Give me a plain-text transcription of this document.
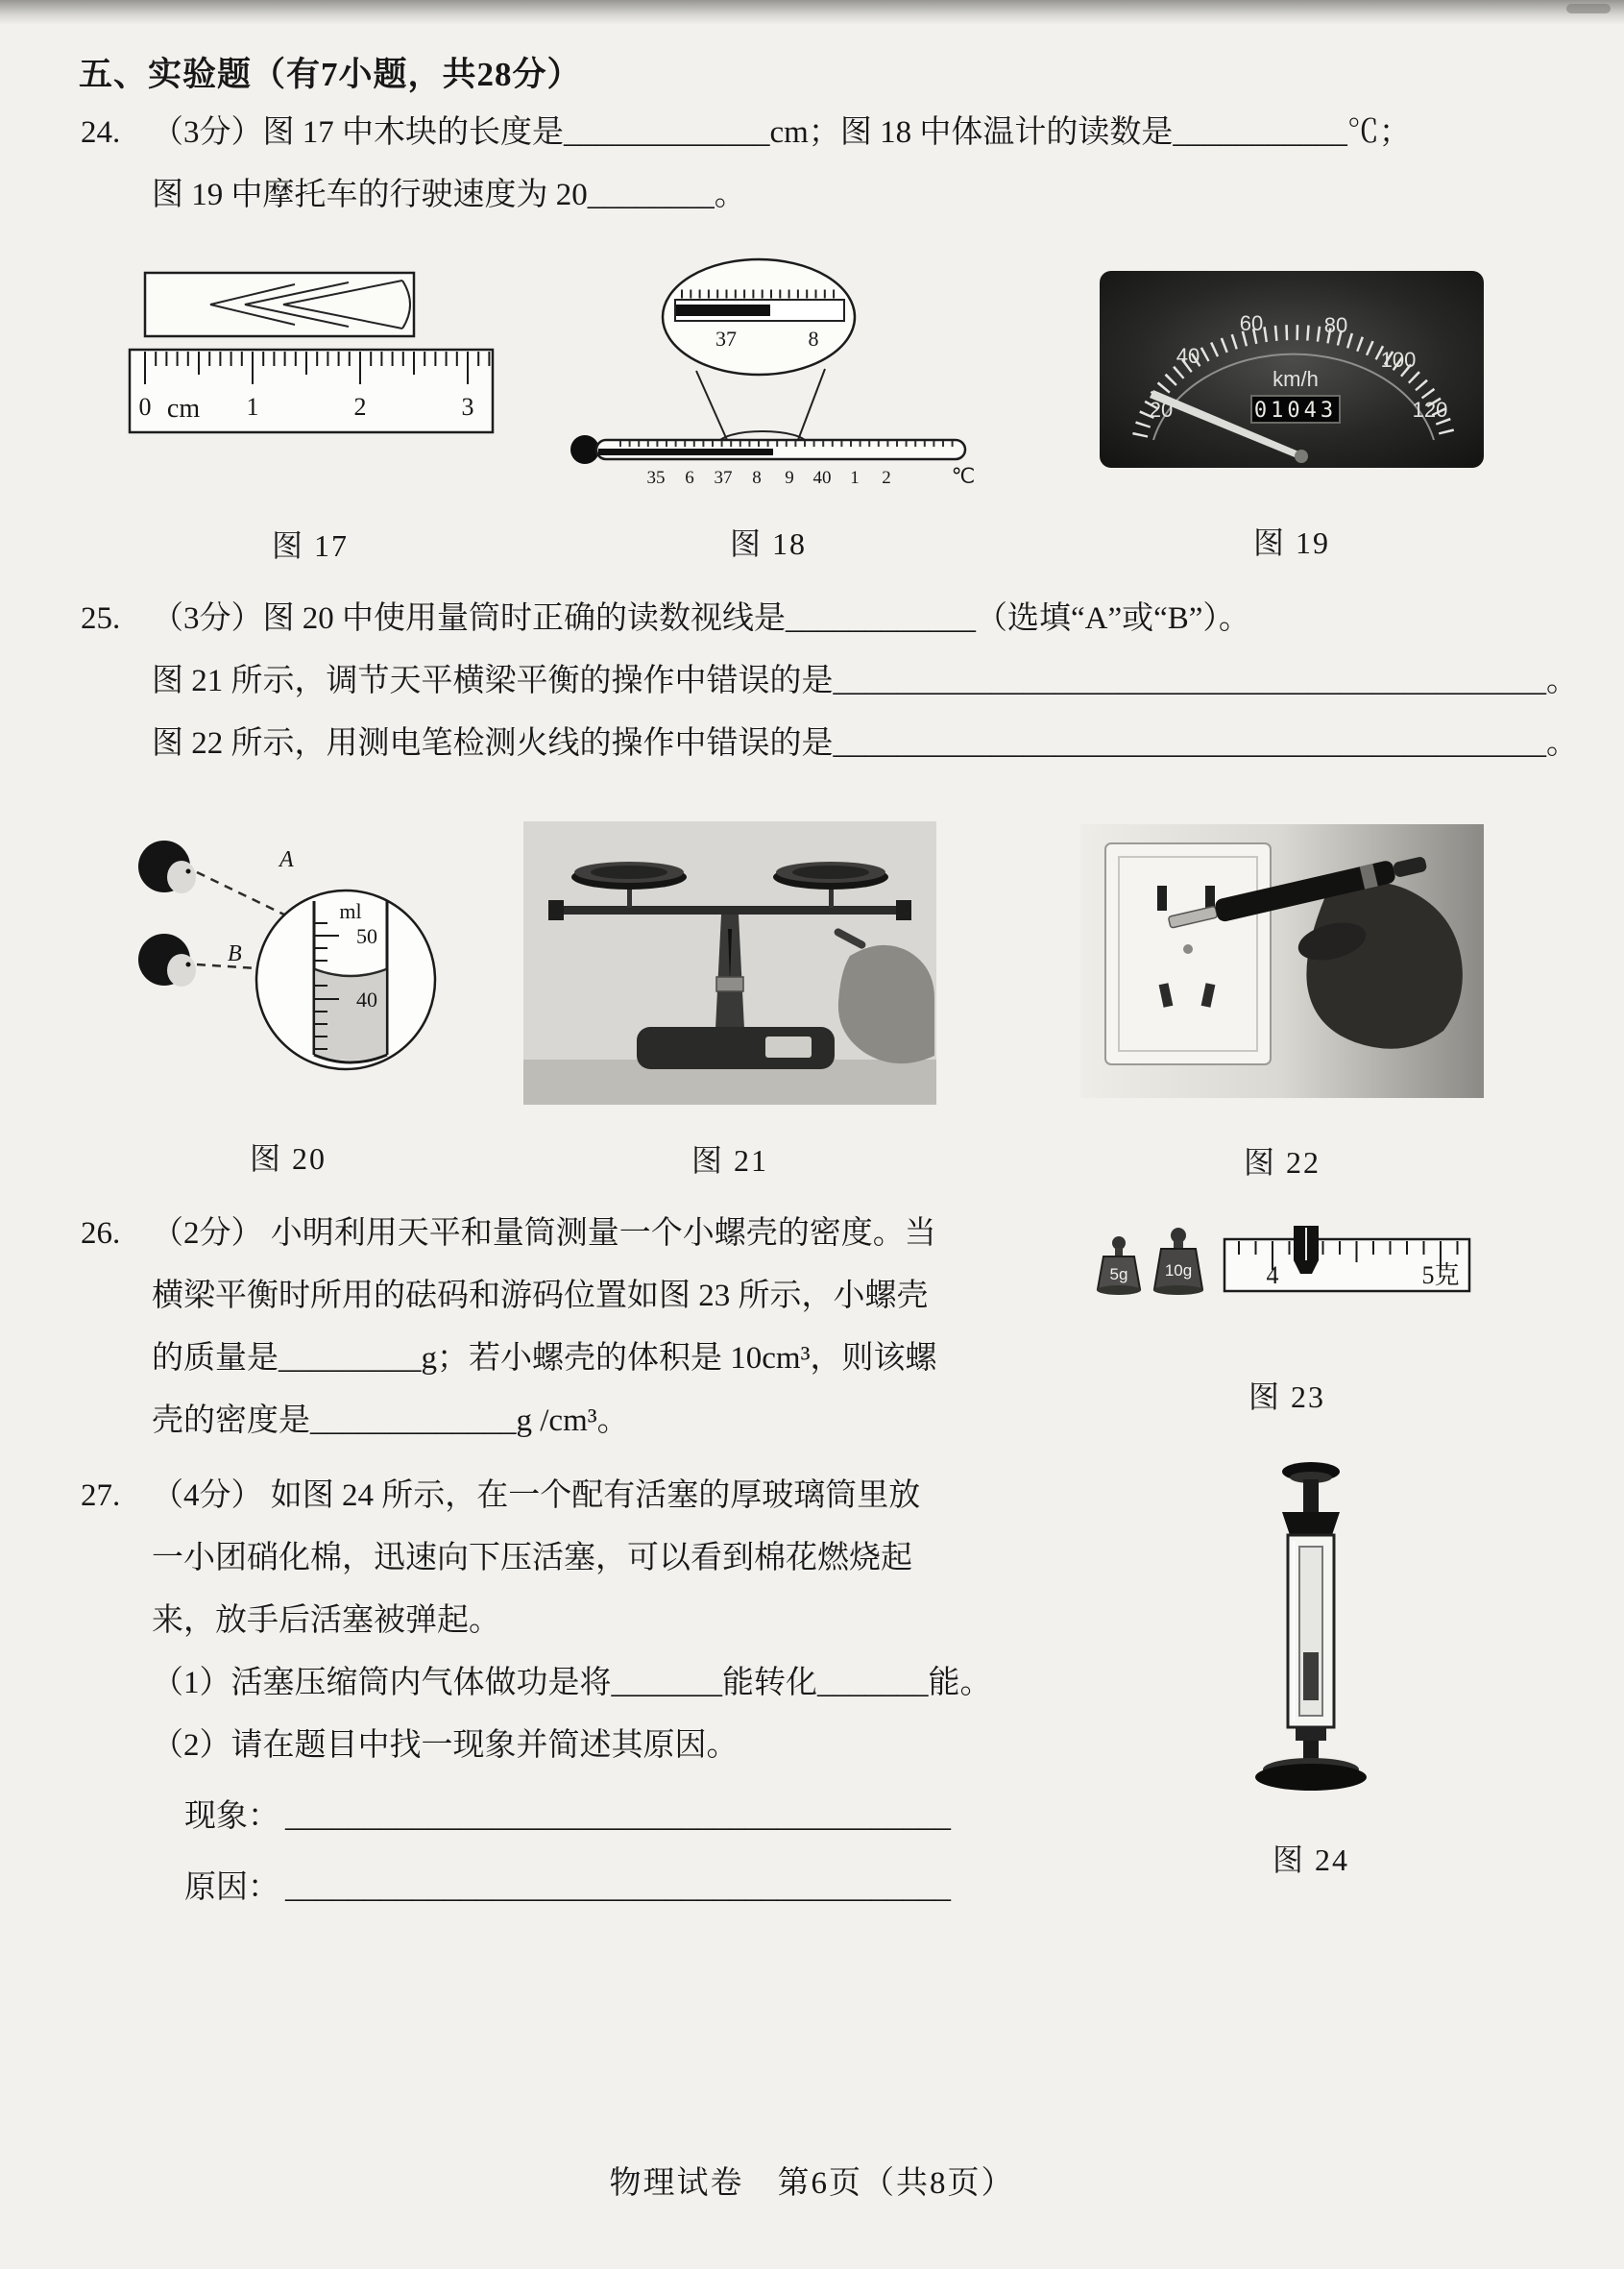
五、实验题（有7小题，共28分）
24. （3分）图 17 中木块的长度是_____________cm；图 18 中体温计的读数是___________℃；
图 19 中摩托车的行驶速度为 20________。
0 cm 1	2	3
图 17
37	8
35 6 37 8 9 40 1 2	℃
图 18
20
40
60	80
100
120
km/h
01043
图 19
25. （3分）图 20 中使用量筒时正确的读数视线是____________（选填“A”或“B”）。
图 21 所示，调节天平横梁平衡的操作中错误的是_____________________________________________。
图 22 所示，用测电笔检测火线的操作中错误的是_____________________________________________。
A
B
ml
50
40
图 20	图 21	图 22
26. （2分） 小明利用天平和量筒测量一个小螺壳的密度。当
横梁平衡时所用的砝码和游码位置如图 23 所示，小螺壳
的质量是_________g；若小螺壳的体积是 10cm³，则该螺
壳的密度是_____________g /cm³。
5g 10g	4	5克
图 23
27. （4分） 如图 24 所示，在一个配有活塞的厚玻璃筒里放
一小团硝化棉，迅速向下压活塞，可以看到棉花燃烧起
来，放手后活塞被弹起。
（1）活塞压缩筒内气体做功是将_______能转化_______能。
（2）请在题目中找一现象并简述其原因。
现象： __________________________________________
原因： __________________________________________
图 24
物理试卷　第6页（共8页）
